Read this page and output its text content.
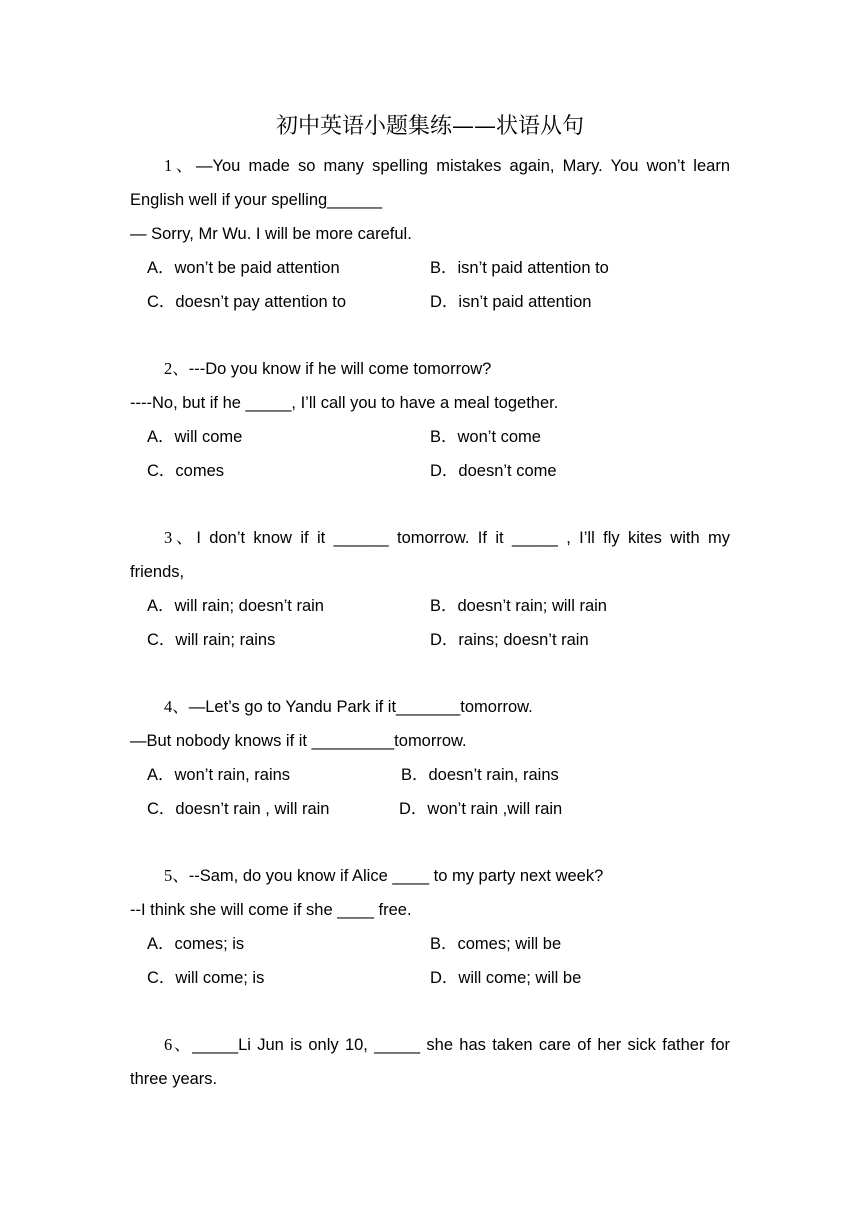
初中英语小题集练——状语从句
1、—You made so many spelling mistakes again, Mary. You won’t learn
English well if your spelling______
— Sorry, Mr Wu. I will be more careful.
A．won’t be paid attention	B．isn’t paid attention to
C．doesn’t pay attention to	D．isn’t paid attention
2、---Do you know if he will come tomorrow?
----No, but if he _____, I’ll call you to have a meal together.
A．will come	B．won’t come
C．comes	D．doesn’t come
3、I don’t know if it ______ tomorrow. If it _____ , I’ll fly kites with my
friends,
A．will rain; doesn’t rain	B．doesn’t rain; will rain
C．will rain; rains	D．rains; doesn’t rain
4、—Let’s go to Yandu Park if it_______tomorrow.
—But nobody knows if it _________tomorrow.
A．won’t rain, rains	B．doesn’t rain, rains
C．doesn’t rain , will rain	D．won’t rain ,will rain
5、--Sam, do you know if Alice ____ to my party next week?
--I think she will come if she ____ free.
A．comes; is	B．comes; will be
C．will come; is	D．will come; will be
6、_____Li Jun is only 10, _____ she has taken care of her sick father for
three years.
